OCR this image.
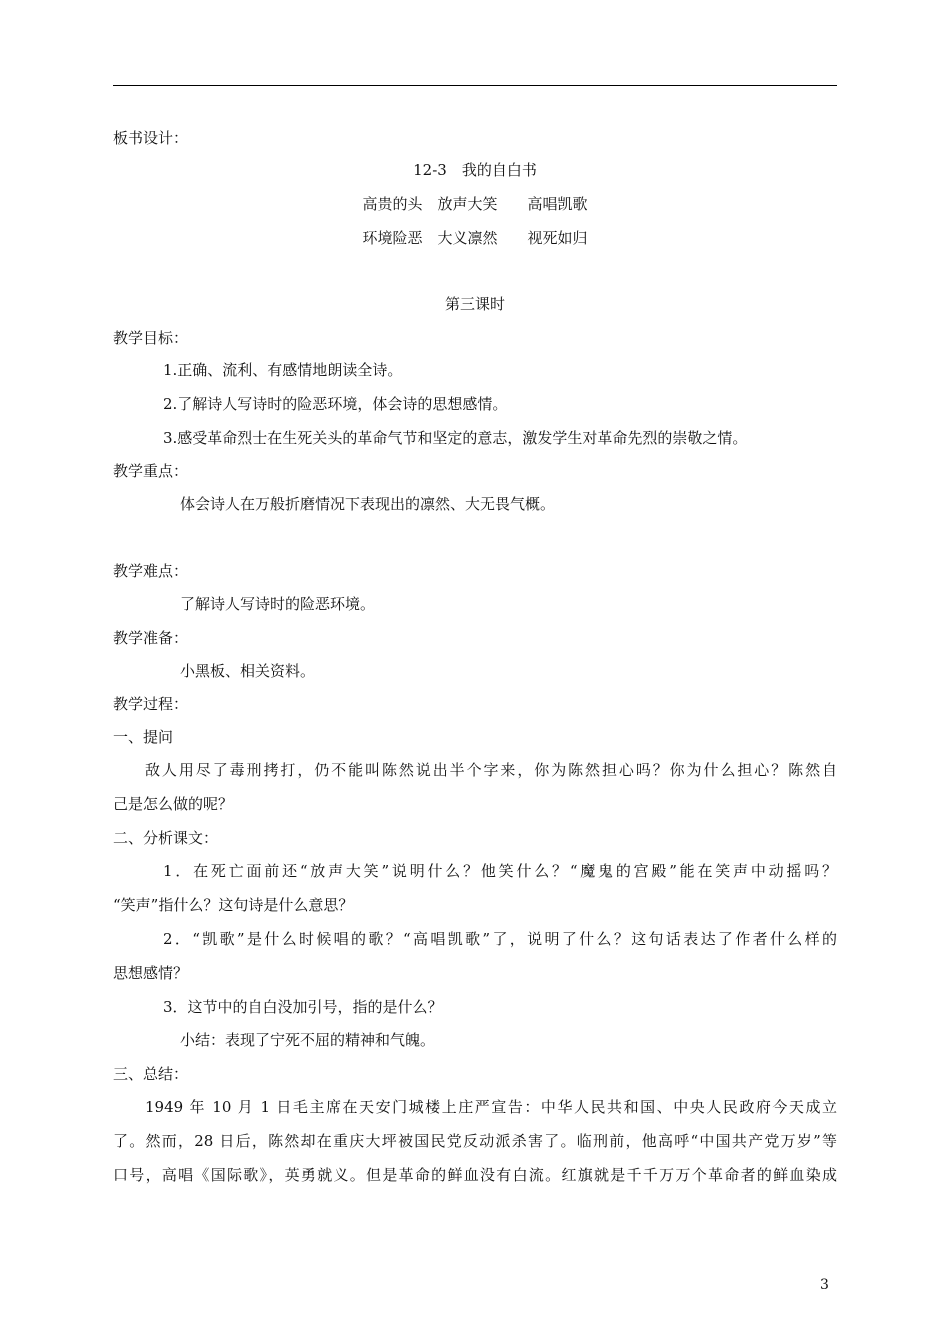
板书设计：
12-3　我的自白书
高贵的头　放声大笑　　高唱凯歌
环境险恶　大义凛然　　视死如归
第三课时
教学目标：
1.正确、流利、有感情地朗读全诗。
2.了解诗人写诗时的险恶环境，体会诗的思想感情。
3.感受革命烈士在生死关头的革命气节和坚定的意志，激发学生对革命先烈的崇敬之情。
教学重点：
体会诗人在万般折磨情况下表现出的凛然、大无畏气概。
教学难点：
了解诗人写诗时的险恶环境。
教学准备：
小黑板、相关资料。
教学过程：
一、提问
敌人用尽了毒刑拷打，仍不能叫陈然说出半个字来，你为陈然担心吗？你为什么担心？陈然自
己是怎么做的呢？
二、分析课文：
1．在死亡面前还“放声大笑”说明什么？他笑什么？“魔鬼的宫殿”能在笑声中动摇吗？
“笑声”指什么？这句诗是什么意思？
2．“凯歌”是什么时候唱的歌？“高唱凯歌”了，说明了什么？这句话表达了作者什么样的
思想感情？
3．这节中的自白没加引号，指的是什么？
小结：表现了宁死不屈的精神和气魄。
三、总结：
1949 年 10 月 1 日毛主席在天安门城楼上庄严宣告：中华人民共和国、中央人民政府今天成立
了。然而，28 日后，陈然却在重庆大坪被国民党反动派杀害了。临刑前，他高呼“中国共产党万岁”等
口号，高唱《国际歌》，英勇就义。但是革命的鲜血没有白流。红旗就是千千万万个革命者的鲜血染成
3
